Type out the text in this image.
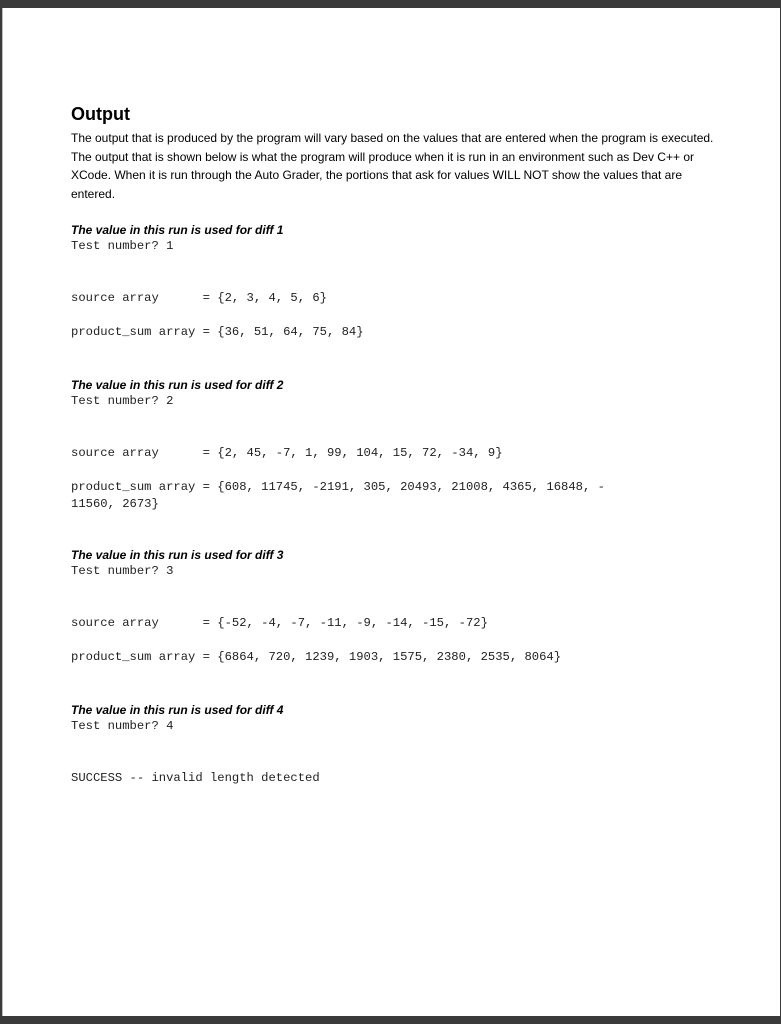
Output

The output that is produced by the program will vary based on the values that are entered when the program is executed. The output that is shown below is what the program will produce when it is run in an environment such as Dev C++ or XCode. When it is run through the Auto Grader, the portions that ask for values WILL NOT show the values that are entered.

The value in this run is used for diff 1

Test number? 1

source array      = {2, 3, 4, 5, 6}

product_sum array = {36, 51, 64, 75, 84}

The value in this run is used for diff 2

Test number? 2

source array      = {2, 45, -7, 1, 99, 104, 15, 72, -34, 9}

product_sum array = {608, 11745, -2191, 305, 20493, 21008, 4365, 16848, -
11560, 2673}

The value in this run is used for diff 3

Test number? 3

source array      = {-52, -4, -7, -11, -9, -14, -15, -72}

product_sum array = {6864, 720, 1239, 1903, 1575, 2380, 2535, 8064}

The value in this run is used for diff 4

Test number? 4

SUCCESS -- invalid length detected
